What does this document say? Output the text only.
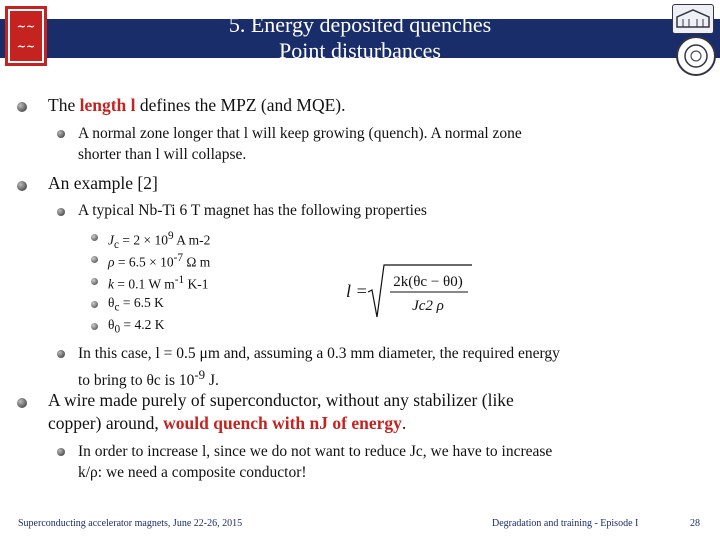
5. Energy deposited quenches
Point disturbances
~~
~~
The length l defines the MPZ (and MQE).
A normal zone longer that l will keep growing (quench). A normal zone
shorter than l will collapse.
An example [2]
A typical Nb-Ti 6 T magnet has the following properties
$J_c = 2 \times 10^9$ A m-2
$\rho = 6.5 \times 10^{-7}$ Ω m
k = 0.1 W $m^{-1}$ K-1
$\theta_c = 6.5$ K
$\theta_0 = 4.2$ K
l = 2k(θc − θ0)
Jc2 ρ
In this case, l = 0.5 μm and, assuming a 0.3 mm diameter, the required energy
to bring to θc is $10^{-9}$ J.
A wire made purely of superconductor, without any stabilizer (like
copper) around, would quench with nJ of energy.
In order to increase l, since we do not want to reduce Jc, we have to increase
k/ρ: we need a composite conductor!
Superconducting accelerator magnets, June 22-26, 2015	Degradation and training - Episode I	28
